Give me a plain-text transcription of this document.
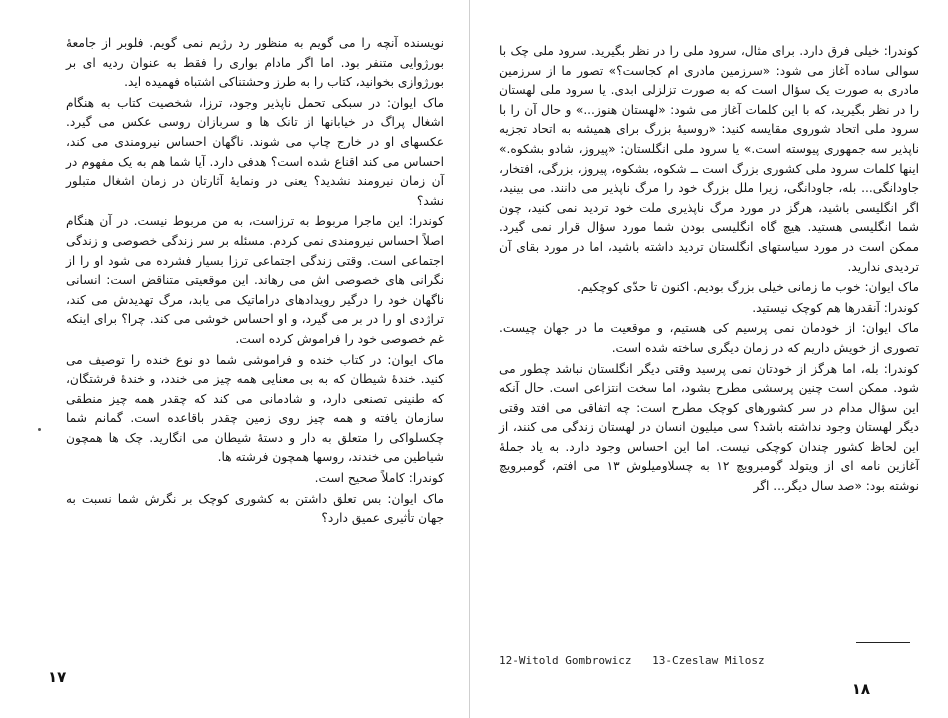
نویسنده آنچه را می گویم به منظور رد رژیم نمی گویم. فلوبر از جامعهٔ بورژوایی متنفر بود. اما اگر مادام بواری را فقط به عنوان ردیه ای بر بورژوازی بخوانید، کتاب را به طرز وحشتناکی اشتباه فهمیده اید.

ماک ایوان: در سبکی تحمل ناپذیر وجود، ترزا، شخصیت کتاب به هنگام اشغال پراگ در خیابانها از تانک ها و سربازان روسی عکس می گیرد. عکسهای او در خارج چاپ می شوند. ناگهان احساس نیرومندی می کند، احساس می کند اقناع شده است؟ هدفی دارد. آیا شما هم به یک مفهوم در آن زمان نیرومند نشدید؟ یعنی در ونمایهٔ آثارتان در زمان اشغال متبلور نشد؟

کوندرا: این ماجرا مربوط به ترزاست، به من مربوط نیست. در آن هنگام اصلاً احساس نیرومندی نمی کردم. مسئله بر سر زندگی خصوصی و زندگی اجتماعی است. وقتی زندگی اجتماعی ترزا بسیار فشرده می شود او را از نگرانی های خصوصی اش می رهاند. این موقعیتی متناقض است: انسانی ناگهان خود را درگیر رویدادهای دراماتیک می یابد، مرگ تهدیدش می کند، تراژدی او را در بر می گیرد، و او احساس خوشی می کند. چرا؟ برای اینکه غم خصوصی خود را فراموش کرده است.

ماک ایوان: در کتاب خنده و فراموشی شما دو نوع خنده را توصیف می کنید. خندهٔ شیطان که به بی معنایی همه چیز می خندد، و خندهٔ فرشتگان، که طنینی تصنعی دارد، و شادمانی می کند که چقدر همه چیز منطقی سازمان یافته و همه چیز روی زمین چقدر باقاعده است. گمانم شما چکسلواکی را متعلق به دار و دستهٔ شیطان می انگارید. چک ها همچون شیاطین می خندند، روسها همچون فرشته ها.

کوندرا: کاملاً صحیح است.

ماک ایوان: بس تعلق داشتن به کشوری کوچک بر نگرش شما نسبت به جهان تأثیری عمیق دارد؟

۱۷

کوندرا: خیلی فرق دارد. برای مثال، سرود ملی را در نظر بگیرید. سرود ملی چک با سوالی ساده آغاز می شود: «سرزمین مادری ام کجاست؟» تصور ما از سرزمین مادری به صورت یک سؤال است که به صورت تزلزلی ابدی. یا سرود ملی لهستان را در نظر بگیرید، که با این کلمات آغاز می شود: «لهستان هنوز...» و حال آن را با سرود ملی اتحاد شوروی مقایسه کنید: «روسیهٔ بزرگ برای همیشه به اتحاد تجزیه ناپذیر سه جمهوری پیوسته است.» یا سرود ملی انگلستان: «پیروز، شادو بشکوه.» اینها کلمات سرود ملی کشوری بزرگ است ــ شکوه، بشکوه، پیروز، بزرگی، افتخار، جاودانگی... بله، جاودانگی، زیرا ملل بزرگ خود را مرگ ناپذیر می دانند. می بینید، اگر انگلیسی باشید، هرگز در مورد مرگ ناپذیری ملت خود تردید نمی کنید، چون شما انگلیسی هستید. هیچ گاه انگلیسی بودن شما مورد سؤال قرار نمی گیرد. ممکن است در مورد سیاستهای انگلستان تردید داشته باشید، اما در مورد بقای آن تردیدی ندارید.

ماک ایوان: خوب ما زمانی خیلی بزرگ بودیم. اکنون تا حدّی کوچکیم.

کوندرا: آنقدرها هم کوچک نیستید.

ماک ایوان: از خودمان نمی پرسیم کی هستیم، و موقعیت ما در جهان چیست. تصوری از خویش داریم که در زمان دیگری ساخته شده است.

کوندرا: بله، اما هرگز از خودتان نمی پرسید وقتی دیگر انگلستان نباشد چطور می شود. ممکن است چنین پرسشی مطرح بشود، اما سخت انتزاعی است. حال آنکه این سؤال مدام در سر کشورهای کوچک مطرح است: چه اتفاقی می افتد وقتی دیگر لهستان وجود نداشته باشد؟ سی میلیون انسان در لهستان زندگی می کنند، از این لحاظ کشور چندان کوچکی نیست. اما این احساس وجود دارد. به یاد جملهٔ آغازین نامه ای از ویتولد گومبرویچ ۱۲ به چسلاومیلوش ۱۳ می افتم، گومبرویچ نوشته بود: «صد سال دیگر... اگر

12-Witold Gombrowicz 13-Czeslaw Milosz
۱۸
